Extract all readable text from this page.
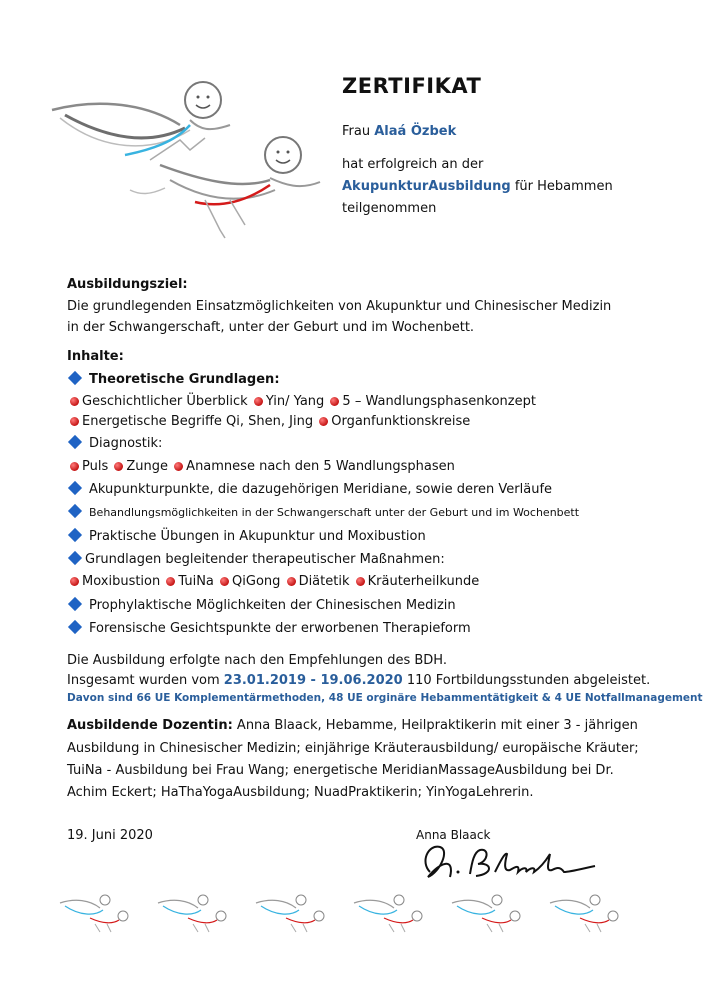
ZERTIFIKAT
Frau Alaá Özbek
hat erfolgreich an der
AkupunkturAusbildung für Hebammen
teilgenommen
Ausbildungsziel:
Die grundlegenden Einsatzmöglichkeiten von Akupunktur und Chinesischer Medizin
in der Schwangerschaft, unter der Geburt und im Wochenbett.
Inhalte:
Theoretische Grundlagen:
Geschichtlicher Überblick Yin/ Yang 5 – Wandlungsphasenkonzept
Energetische Begriffe Qi, Shen, Jing Organfunktionskreise
Diagnostik:
Puls Zunge Anamnese nach den 5 Wandlungsphasen
Akupunkturpunkte, die dazugehörigen Meridiane, sowie deren Verläufe
Behandlungsmöglichkeiten in der Schwangerschaft unter der Geburt und im Wochenbett
Praktische Übungen in Akupunktur und Moxibustion
Grundlagen begleitender therapeutischer Maßnahmen:
Moxibustion TuiNa QiGong Diätetik Kräuterheilkunde
Prophylaktische Möglichkeiten der Chinesischen Medizin
Forensische Gesichtspunkte der erworbenen Therapieform
Die Ausbildung erfolgte nach den Empfehlungen des BDH.
Insgesamt wurden vom 23.01.2019 - 19.06.2020 110 Fortbildungsstunden abgeleistet.
Davon sind 66 UE Komplementärmethoden, 48 UE orginäre Hebammentätigkeit & 4 UE Notfallmanagement
Ausbildende Dozentin: Anna Blaack, Hebamme, Heilpraktikerin mit einer 3 - jährigen
Ausbildung in Chinesischer Medizin; einjährige Kräuterausbildung/ europäische Kräuter;
TuiNa - Ausbildung bei Frau Wang; energetische MeridianMassageAusbildung bei Dr.
Achim Eckert; HaThaYogaAusbildung; NuadPraktikerin; YinYogaLehrerin.
19. Juni 2020	Anna Blaack
